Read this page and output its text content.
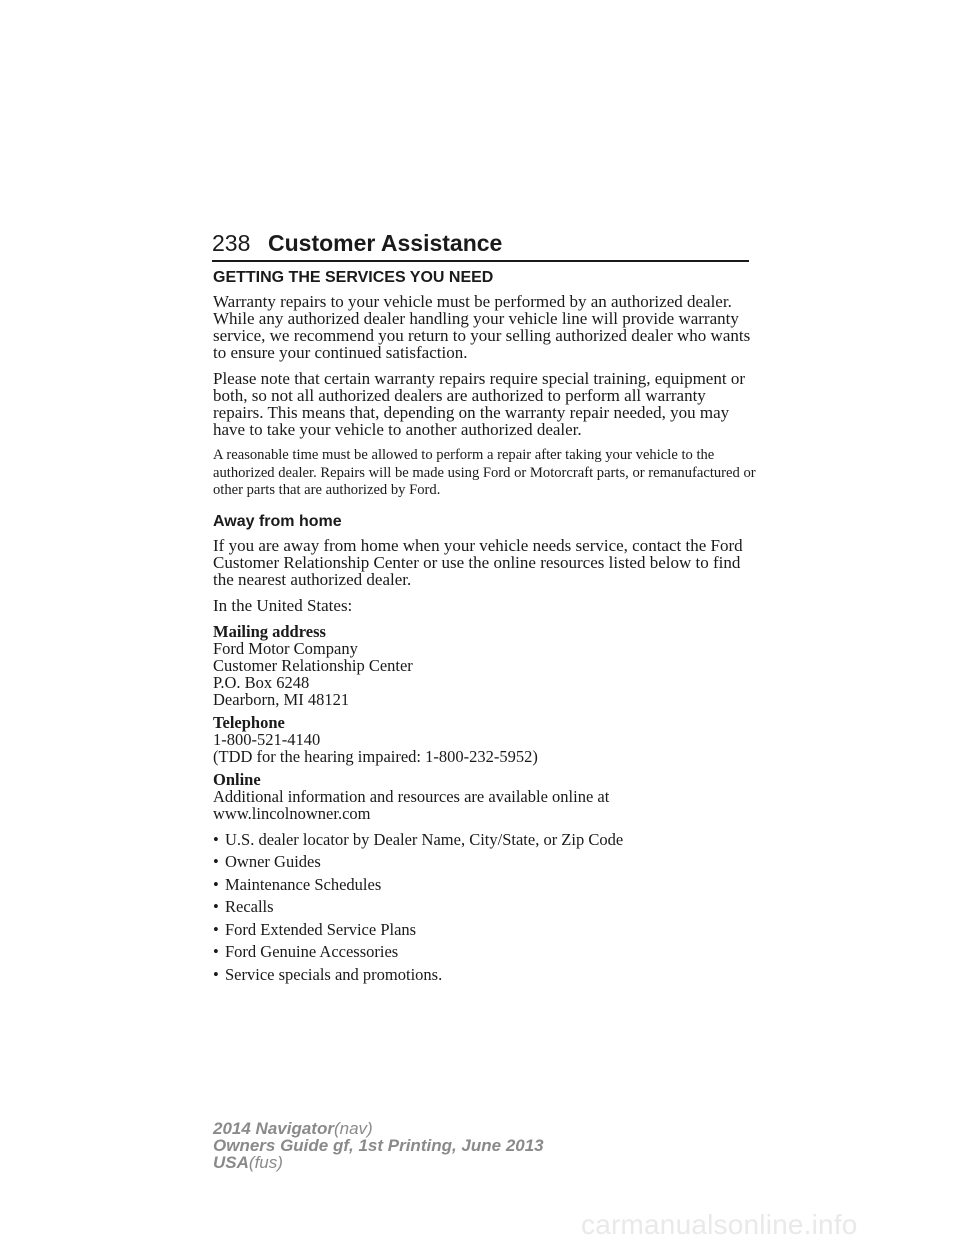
238 Customer Assistance
GETTING THE SERVICES YOU NEED

Warranty repairs to your vehicle must be performed by an authorized dealer. While any authorized dealer handling your vehicle line will provide warranty service, we recommend you return to your selling authorized dealer who wants to ensure your continued satisfaction.

Please note that certain warranty repairs require special training, equipment or both, so not all authorized dealers are authorized to perform all warranty repairs. This means that, depending on the warranty repair needed, you may have to take your vehicle to another authorized dealer.

A reasonable time must be allowed to perform a repair after taking your vehicle to the authorized dealer. Repairs will be made using Ford or Motorcraft parts, or remanufactured or other parts that are authorized by Ford.

Away from home

If you are away from home when your vehicle needs service, contact the Ford Customer Relationship Center or use the online resources listed below to find the nearest authorized dealer.

In the United States:

Mailing address
Ford Motor Company
Customer Relationship Center
P.O. Box 6248
Dearborn, MI 48121
Telephone
1-800-521-4140
(TDD for the hearing impaired: 1-800-232-5952)
Online
Additional information and resources are available online at
www.lincolnowner.com
• U.S. dealer locator by Dealer Name, City/State, or Zip Code
• Owner Guides
• Maintenance Schedules
• Recalls
• Ford Extended Service Plans
• Ford Genuine Accessories
• Service specials and promotions.
2014 Navigator(nav)
Owners Guide gf, 1st Printing, June 2013
USA(fus)
carmanualsonline.info
